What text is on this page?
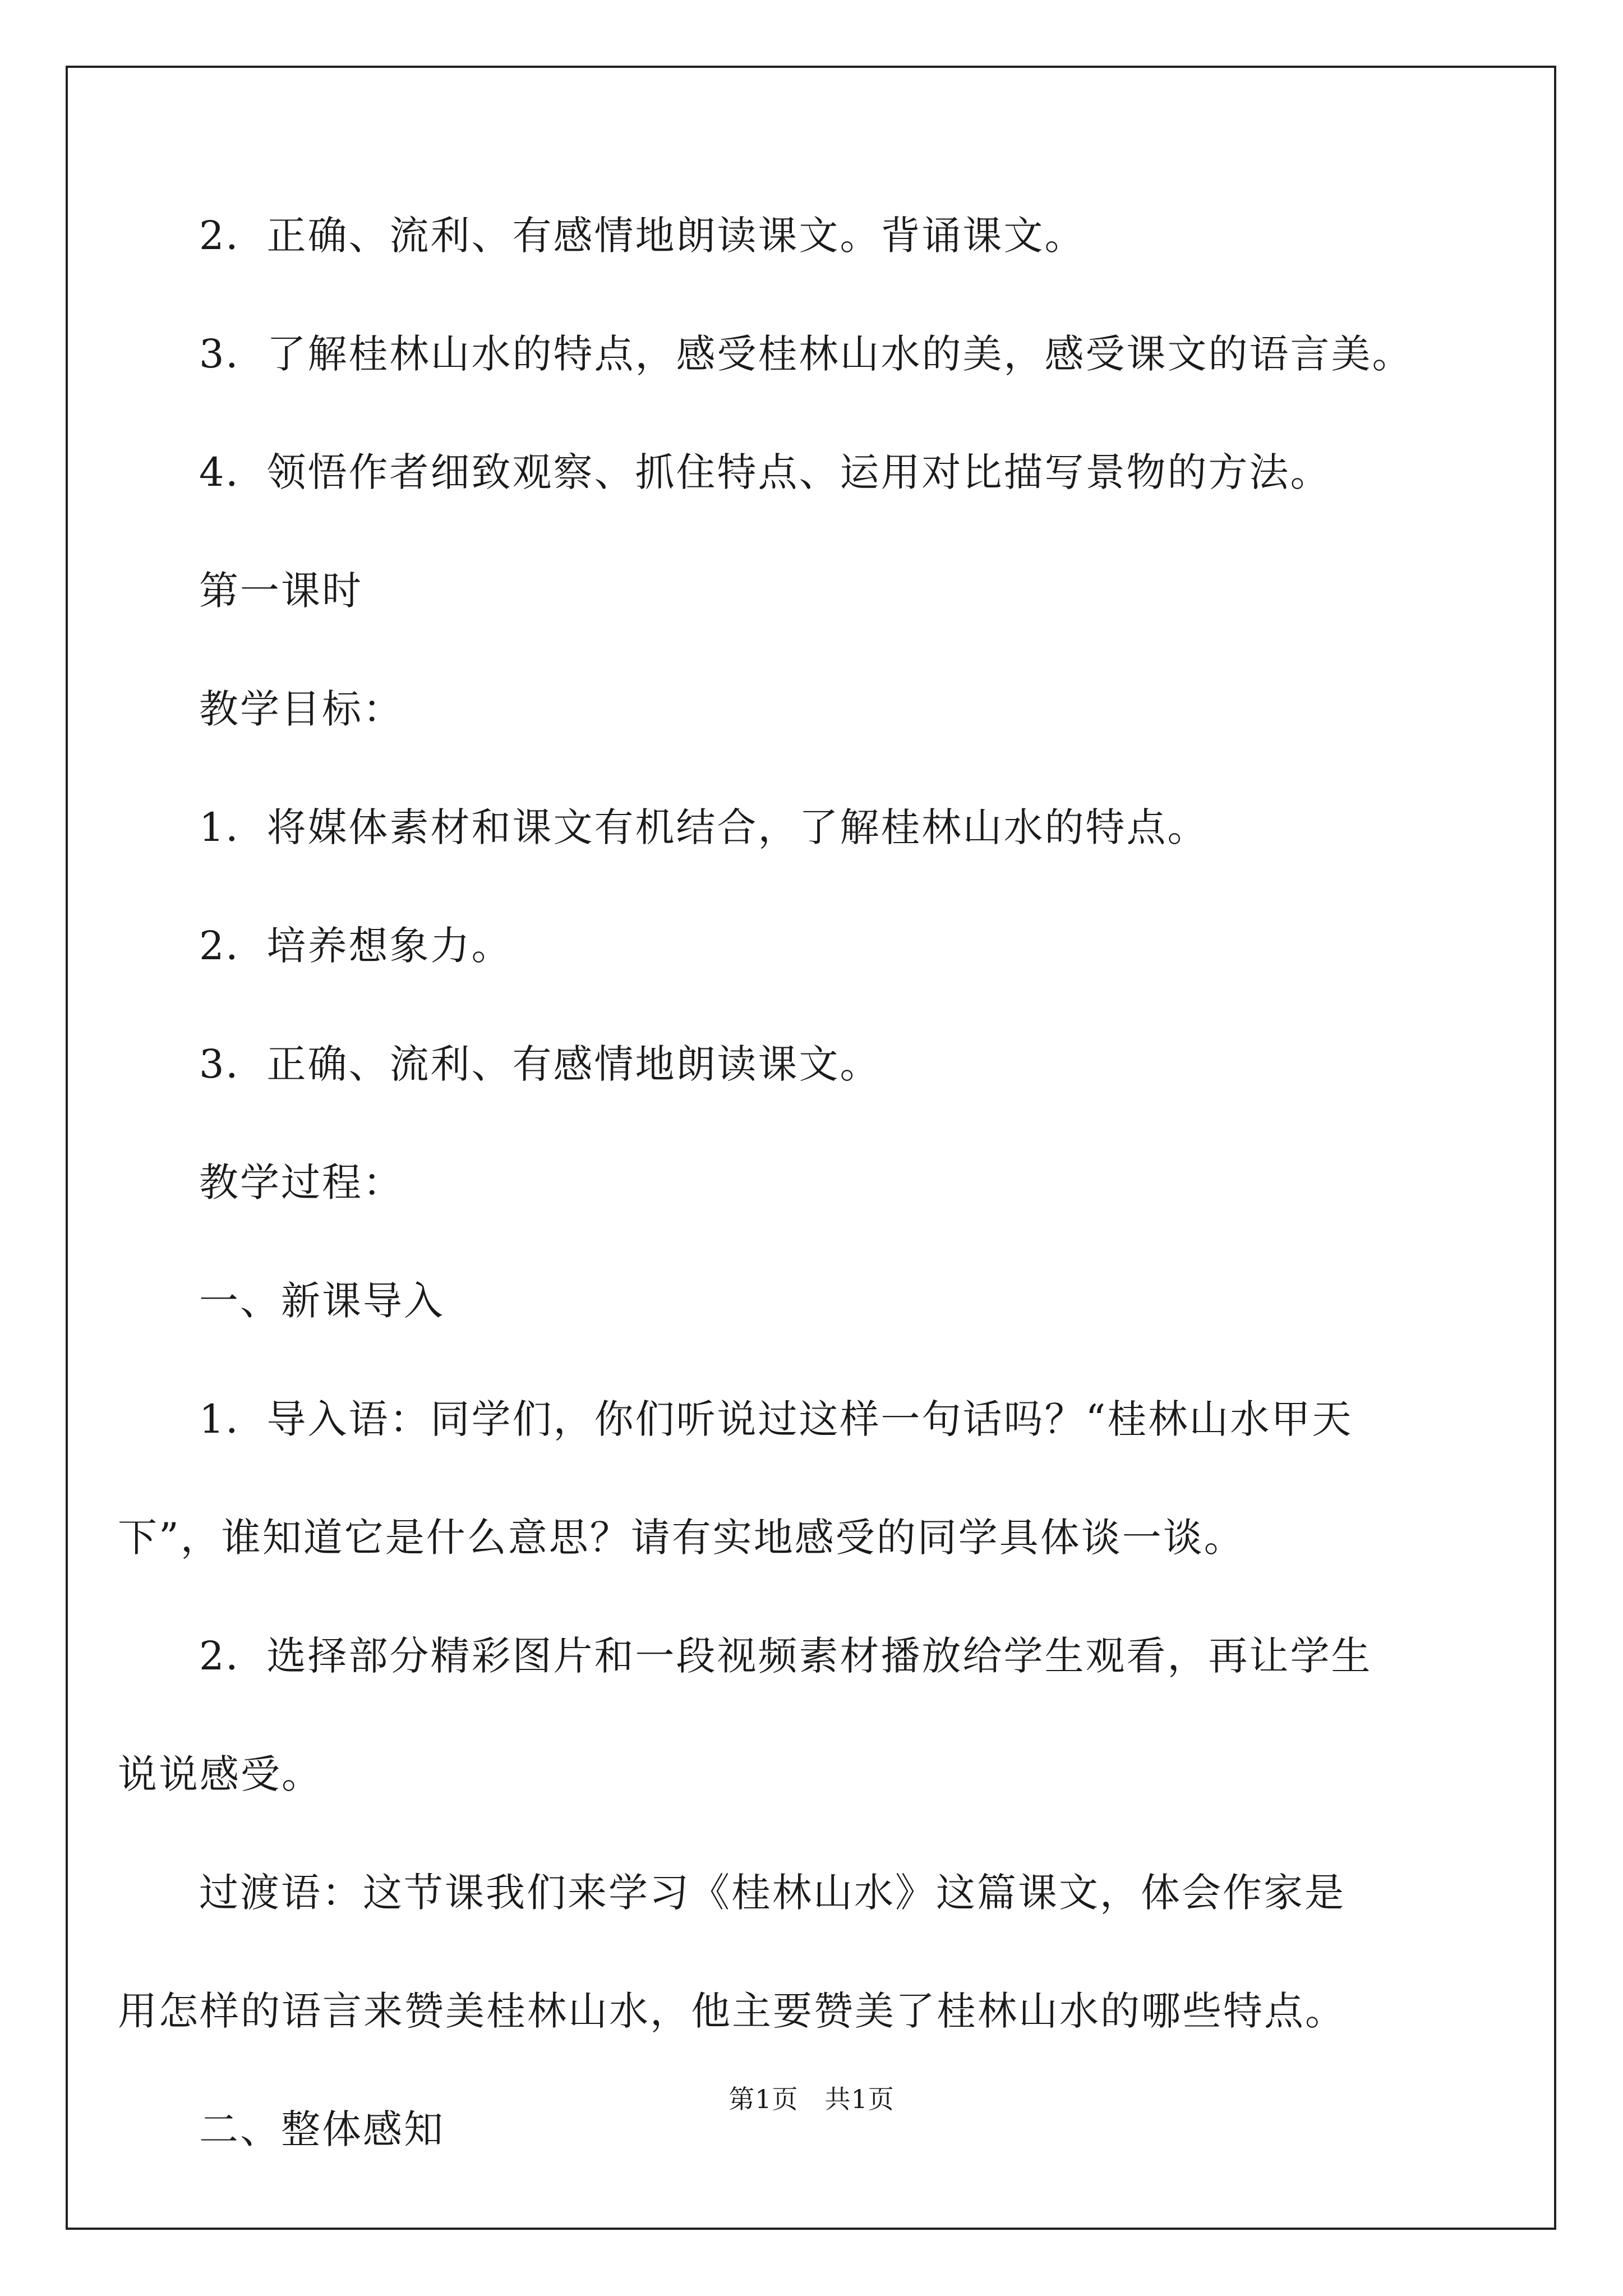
2．正确、流利、有感情地朗读课文。背诵课文。
3．了解桂林山水的特点，感受桂林山水的美，感受课文的语言美。
4．领悟作者细致观察、抓住特点、运用对比描写景物的方法。
第一课时
教学目标：
1．将媒体素材和课文有机结合，了解桂林山水的特点。
2．培养想象力。
3．正确、流利、有感情地朗读课文。
教学过程：
一、新课导入
1．导入语：同学们，你们听说过这样一句话吗？“桂林山水甲天
下”，谁知道它是什么意思？请有实地感受的同学具体谈一谈。
2．选择部分精彩图片和一段视频素材播放给学生观看，再让学生
说说感受。
过渡语：这节课我们来学习《桂林山水》这篇课文，体会作家是
用怎样的语言来赞美桂林山水，他主要赞美了桂林山水的哪些特点。
二、整体感知
第1页　共1页
